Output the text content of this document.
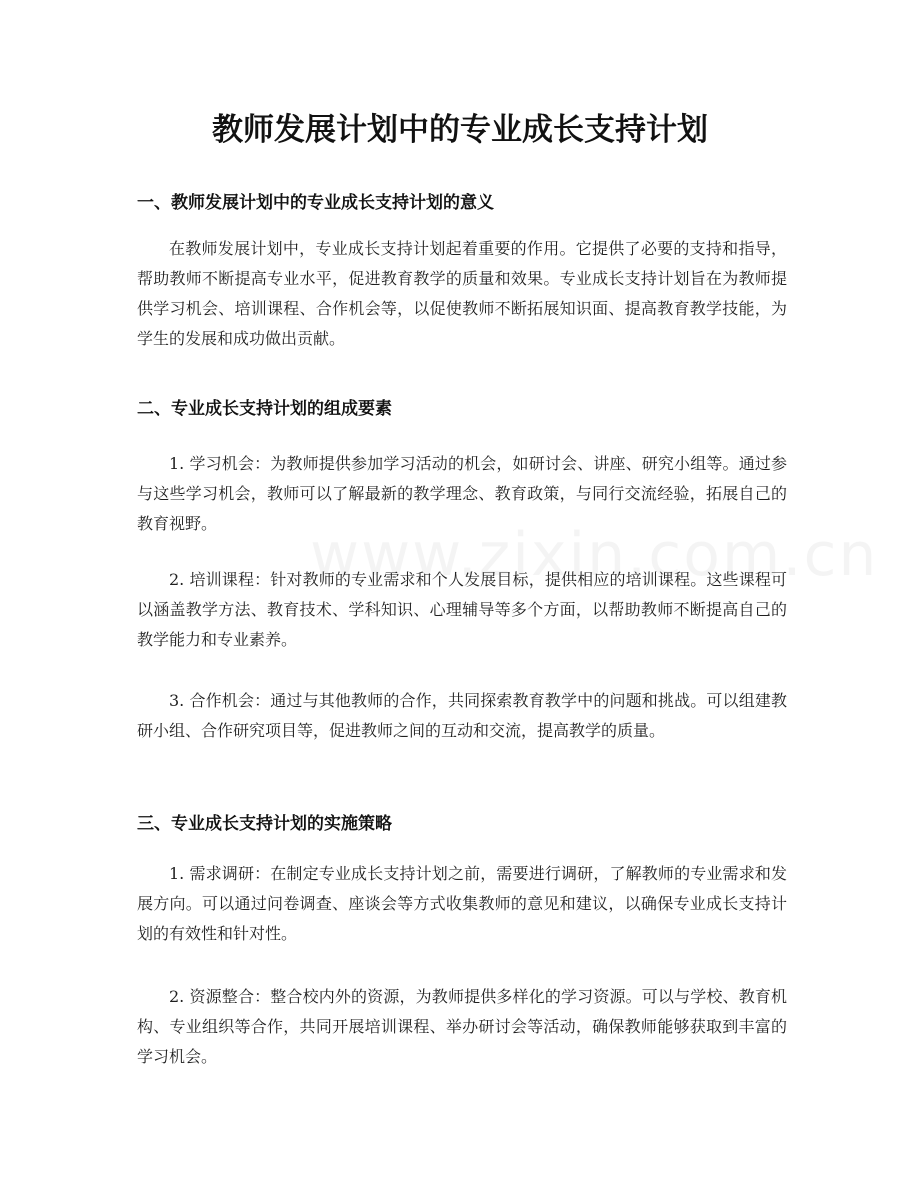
教师发展计划中的专业成长支持计划
一、教师发展计划中的专业成长支持计划的意义

在教师发展计划中，专业成长支持计划起着重要的作用。它提供了必要的支持和指导，帮助教师不断提高专业水平，促进教育教学的质量和效果。专业成长支持计划旨在为教师提供学习机会、培训课程、合作机会等，以促使教师不断拓展知识面、提高教育教学技能，为学生的发展和成功做出贡献。

二、专业成长支持计划的组成要素

1. 学习机会：为教师提供参加学习活动的机会，如研讨会、讲座、研究小组等。通过参与这些学习机会，教师可以了解最新的教学理念、教育政策，与同行交流经验，拓展自己的教育视野。

2. 培训课程：针对教师的专业需求和个人发展目标，提供相应的培训课程。这些课程可以涵盖教学方法、教育技术、学科知识、心理辅导等多个方面，以帮助教师不断提高自己的教学能力和专业素养。

3. 合作机会：通过与其他教师的合作，共同探索教育教学中的问题和挑战。可以组建教研小组、合作研究项目等，促进教师之间的互动和交流，提高教学的质量。

三、专业成长支持计划的实施策略

1. 需求调研：在制定专业成长支持计划之前，需要进行调研，了解教师的专业需求和发展方向。可以通过问卷调查、座谈会等方式收集教师的意见和建议，以确保专业成长支持计划的有效性和针对性。

2. 资源整合：整合校内外的资源，为教师提供多样化的学习资源。可以与学校、教育机构、专业组织等合作，共同开展培训课程、举办研讨会等活动，确保教师能够获取到丰富的学习机会。
